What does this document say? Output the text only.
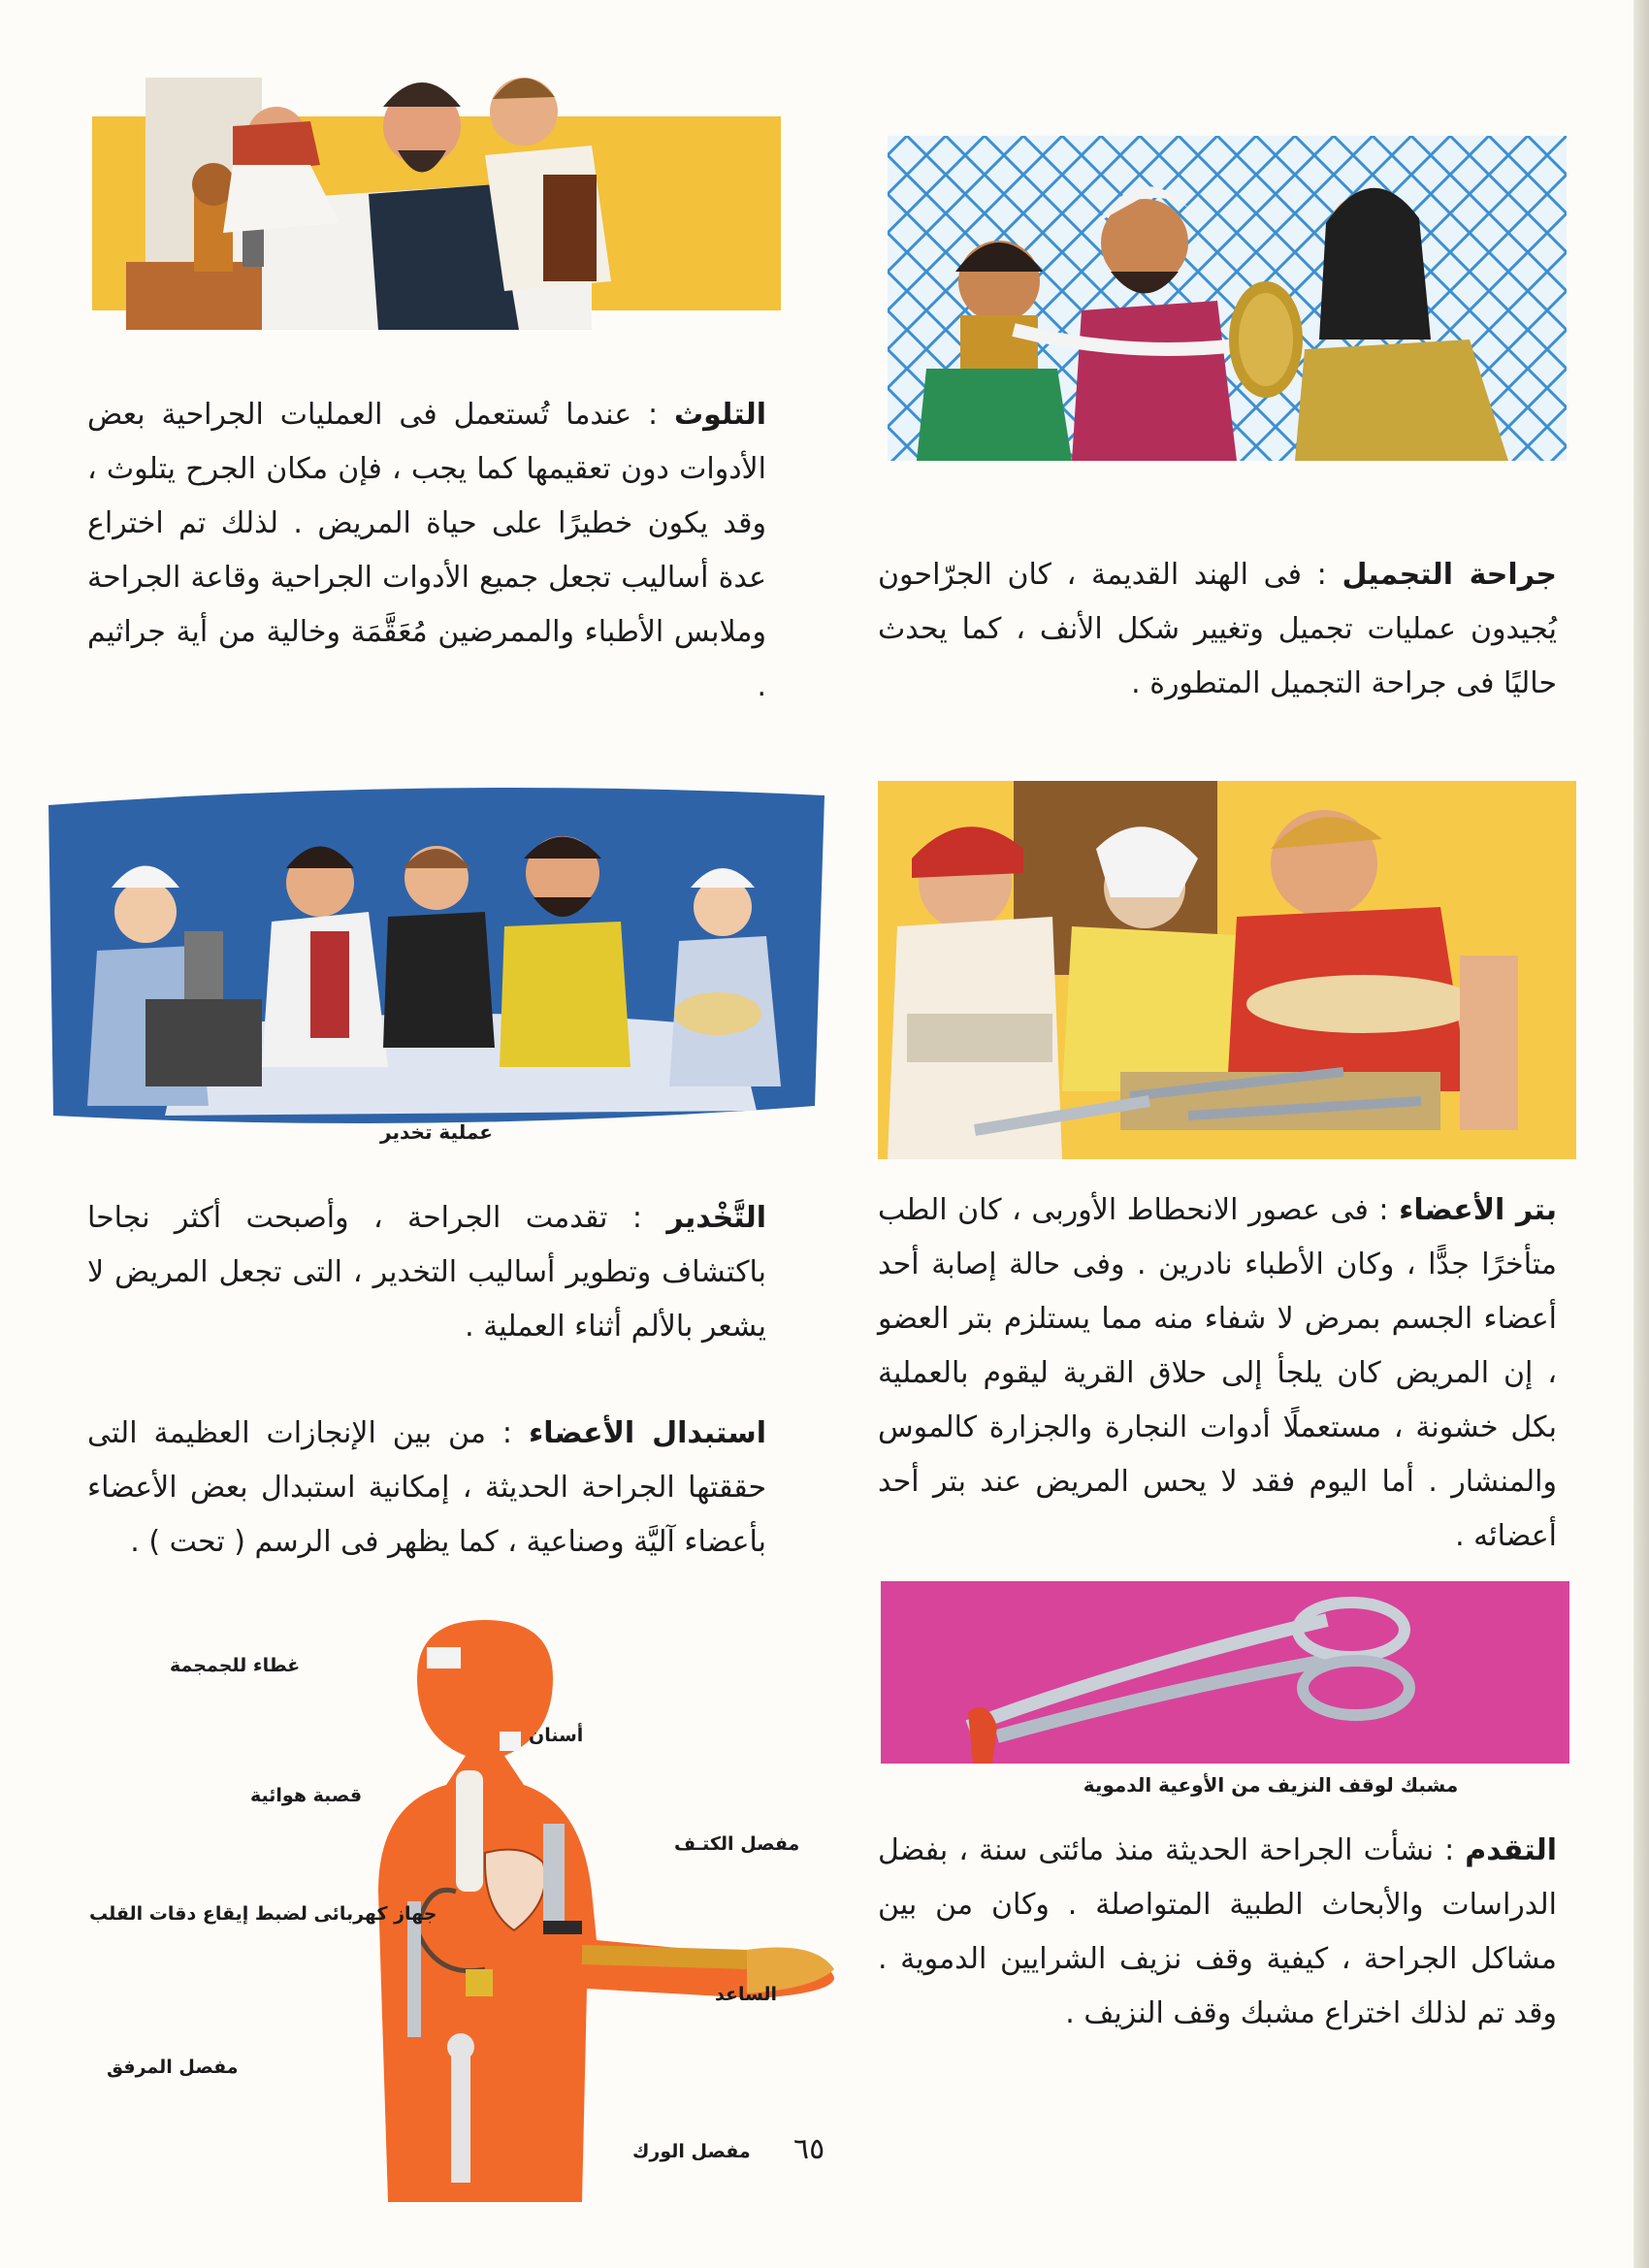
التلوث : عندما تُستعمل فى العمليات الجراحية بعض الأدوات دون تعقيمها كما يجب ، فإن مكان الجرح يتلوث ، وقد يكون خطيرًا على حياة المريض . لذلك تم اختراع عدة أساليب تجعل جميع الأدوات الجراحية وقاعة الجراحة وملابس الأطباء والممرضين مُعَقَّمَة وخالية من أية جراثيم .
جراحة التجميل : فى الهند القديمة ، كان الجرّاحون يُجيدون عمليات تجميل وتغيير شكل الأنف ، كما يحدث حاليًا فى جراحة التجميل المتطورة .
عملية تخدير
التَّخْدير : تقدمت الجراحة ، وأصبحت أكثر نجاحا باكتشاف وتطوير أساليب التخدير ، التى تجعل المريض لا يشعر بالألم أثناء العملية .
بتر الأعضاء : فى عصور الانحطاط الأوربى ، كان الطب متأخرًا جدًّا ، وكان الأطباء نادرين . وفى حالة إصابة أحد أعضاء الجسم بمرض لا شفاء منه مما يستلزم بتر العضو ، إن المريض كان يلجأ إلى حلاق القرية ليقوم بالعملية بكل خشونة ، مستعملًا أدوات النجارة والجزارة كالموس والمنشار . أما اليوم فقد لا يحس المريض عند بتر أحد أعضائه .
استبدال الأعضاء : من بين الإنجازات العظيمة التى حققتها الجراحة الحديثة ، إمكانية استبدال بعض الأعضاء بأعضاء آليَّة وصناعية ، كما يظهر فى الرسم ( تحت ) .
مشبك لوقف النزيف من الأوعية الدموية
التقدم : نشأت الجراحة الحديثة منذ مائتى سنة ، بفضل الدراسات والأبحاث الطبية المتواصلة . وكان من بين مشاكل الجراحة ، كيفية وقف نزيف الشرايين الدموية . وقد تم لذلك اختراع مشبك وقف النزيف .
غطاء للجمجمة
أسنان
قصبة هوائية
مفصل الكتـف
جهاز كهربائى لضبط إيقاع دقات القلب
الساعد
مفصل المرفق
مفصل الورك ٦٥
